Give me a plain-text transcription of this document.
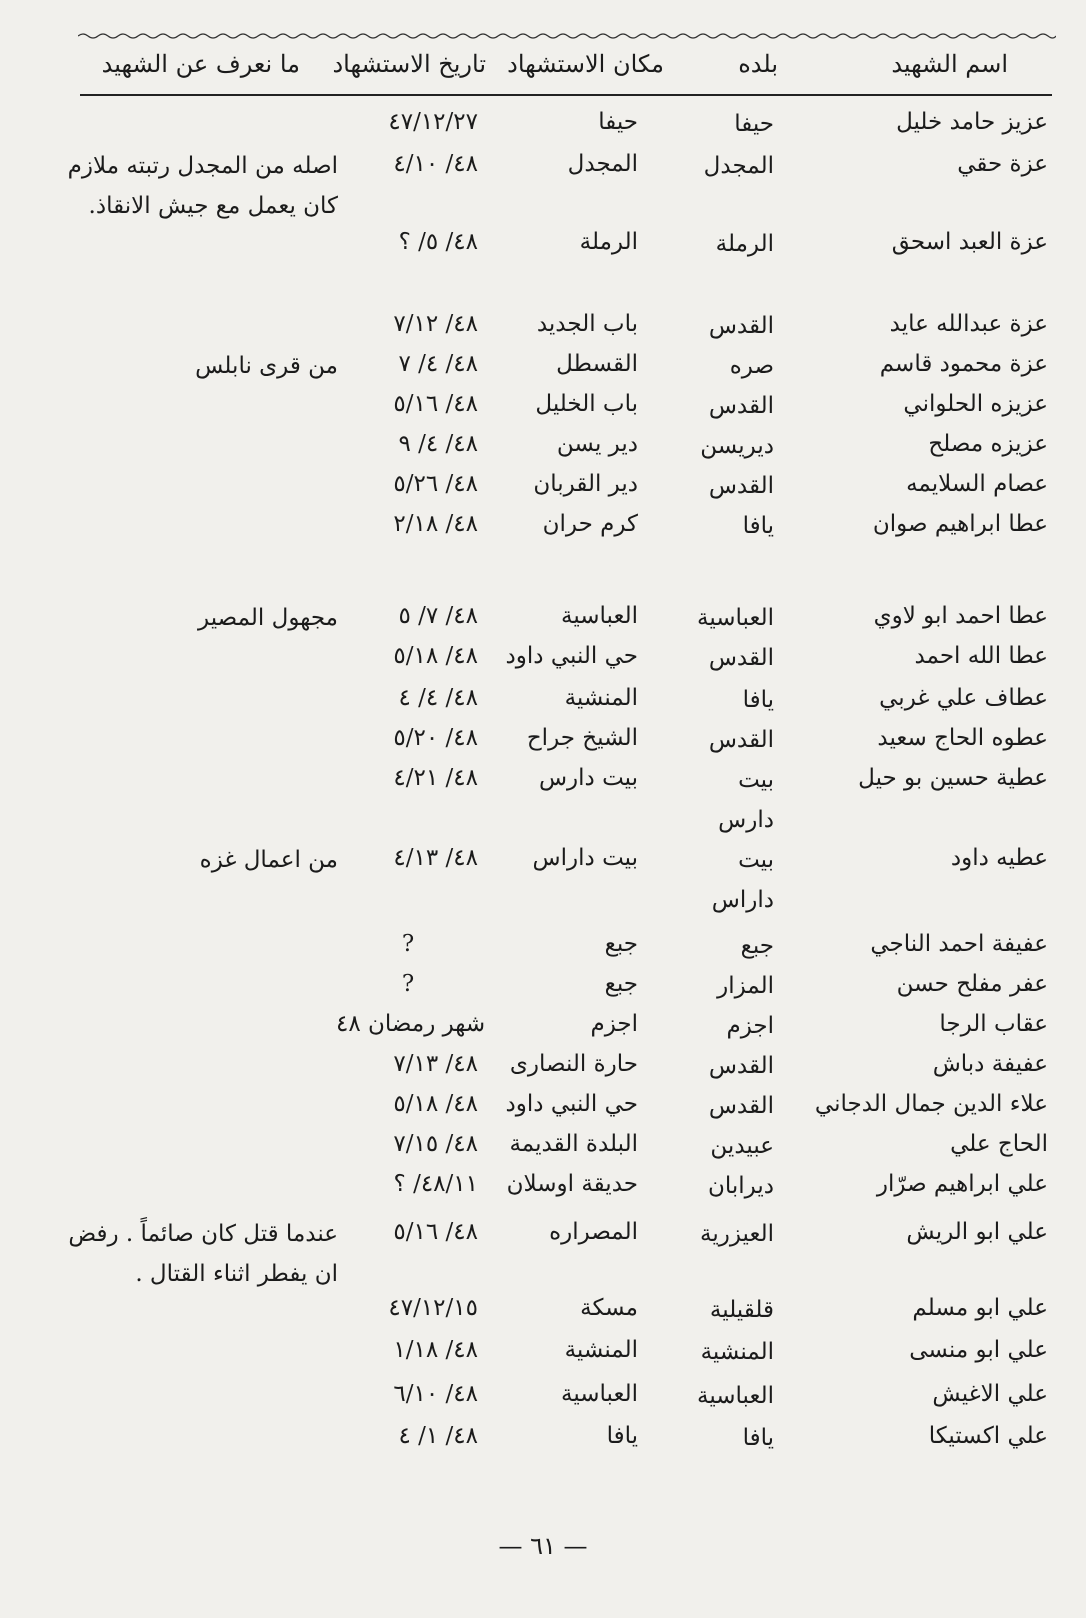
اسم الشهيد
بلده
مكان الاستشهاد
تاريخ الاستشهاد
ما نعرف عن الشهيد
عزيز حامد خليل
حيفا
حيفا
٤٧/١٢/٢٧
عزة حقي
المجدل
المجدل
٤٨/ ٤/١٠
اصله من المجدل رتبته ملازم كان يعمل مع جيش الانقاذ.
عزة العبد اسحق
الرملة
الرملة
٤٨/ ٥/ ؟
عزة عبدالله عايد
القدس
باب الجديد
٤٨/ ٧/١٢
عزة محمود قاسم
صره
القسطل
٤٨/ ٤/ ٧
من قرى نابلس
عزيزه الحلواني
القدس
باب الخليل
٤٨/ ٥/١٦
عزيزه مصلح
ديريسن
دير يسن
٤٨/ ٤/ ٩
عصام السلايمه
القدس
دير القربان
٤٨/ ٥/٢٦
عطا ابراهيم صوان
يافا
كرم حران
٤٨/ ٢/١٨
عطا احمد ابو لاوي
العباسية
العباسية
٤٨/ ٧/ ٥
مجهول المصير
عطا الله احمد
القدس
حي النبي داود
٤٨/ ٥/١٨
عطاف علي غربي
يافا
المنشية
٤٨/ ٤/ ٤
عطوه الحاج سعيد
القدس
الشيخ جراح
٤٨/ ٥/٢٠
عطية حسين بو حيل
بيت دارس
بيت دارس
٤٨/ ٤/٢١
عطيه داود
بيت داراس
بيت داراس
٤٨/ ٤/١٣
من اعمال غزه
عفيفة احمد الناجي
جبع
جبع
?
عفر مفلح حسن
المزار
جبع
?
عقاب الرجا
اجزم
اجزم
شهر رمضان ٤٨
عفيفة دباش
القدس
حارة النصارى
٤٨/ ٧/١٣
علاء الدين جمال الدجاني
القدس
حي النبي داود
٤٨/ ٥/١٨
الحاج علي
عبيدين
البلدة القديمة
٤٨/ ٧/١٥
علي ابراهيم صرّار
ديرابان
حديقة اوسلان
٤٨/١١/ ؟
علي ابو الريش
العيزرية
المصراره
٤٨/ ٥/١٦
عندما قتل كان صائماً . رفض ان يفطر اثناء القتال .
علي ابو مسلم
قلقيلية
مسكة
٤٧/١٢/١٥
علي ابو منسى
المنشية
المنشية
٤٨/ ١/١٨
علي الاغيش
العباسية
العباسية
٤٨/ ٦/١٠
علي اكستيكا
يافا
يافا
٤٨/ ١/ ٤
— ٦١ —
